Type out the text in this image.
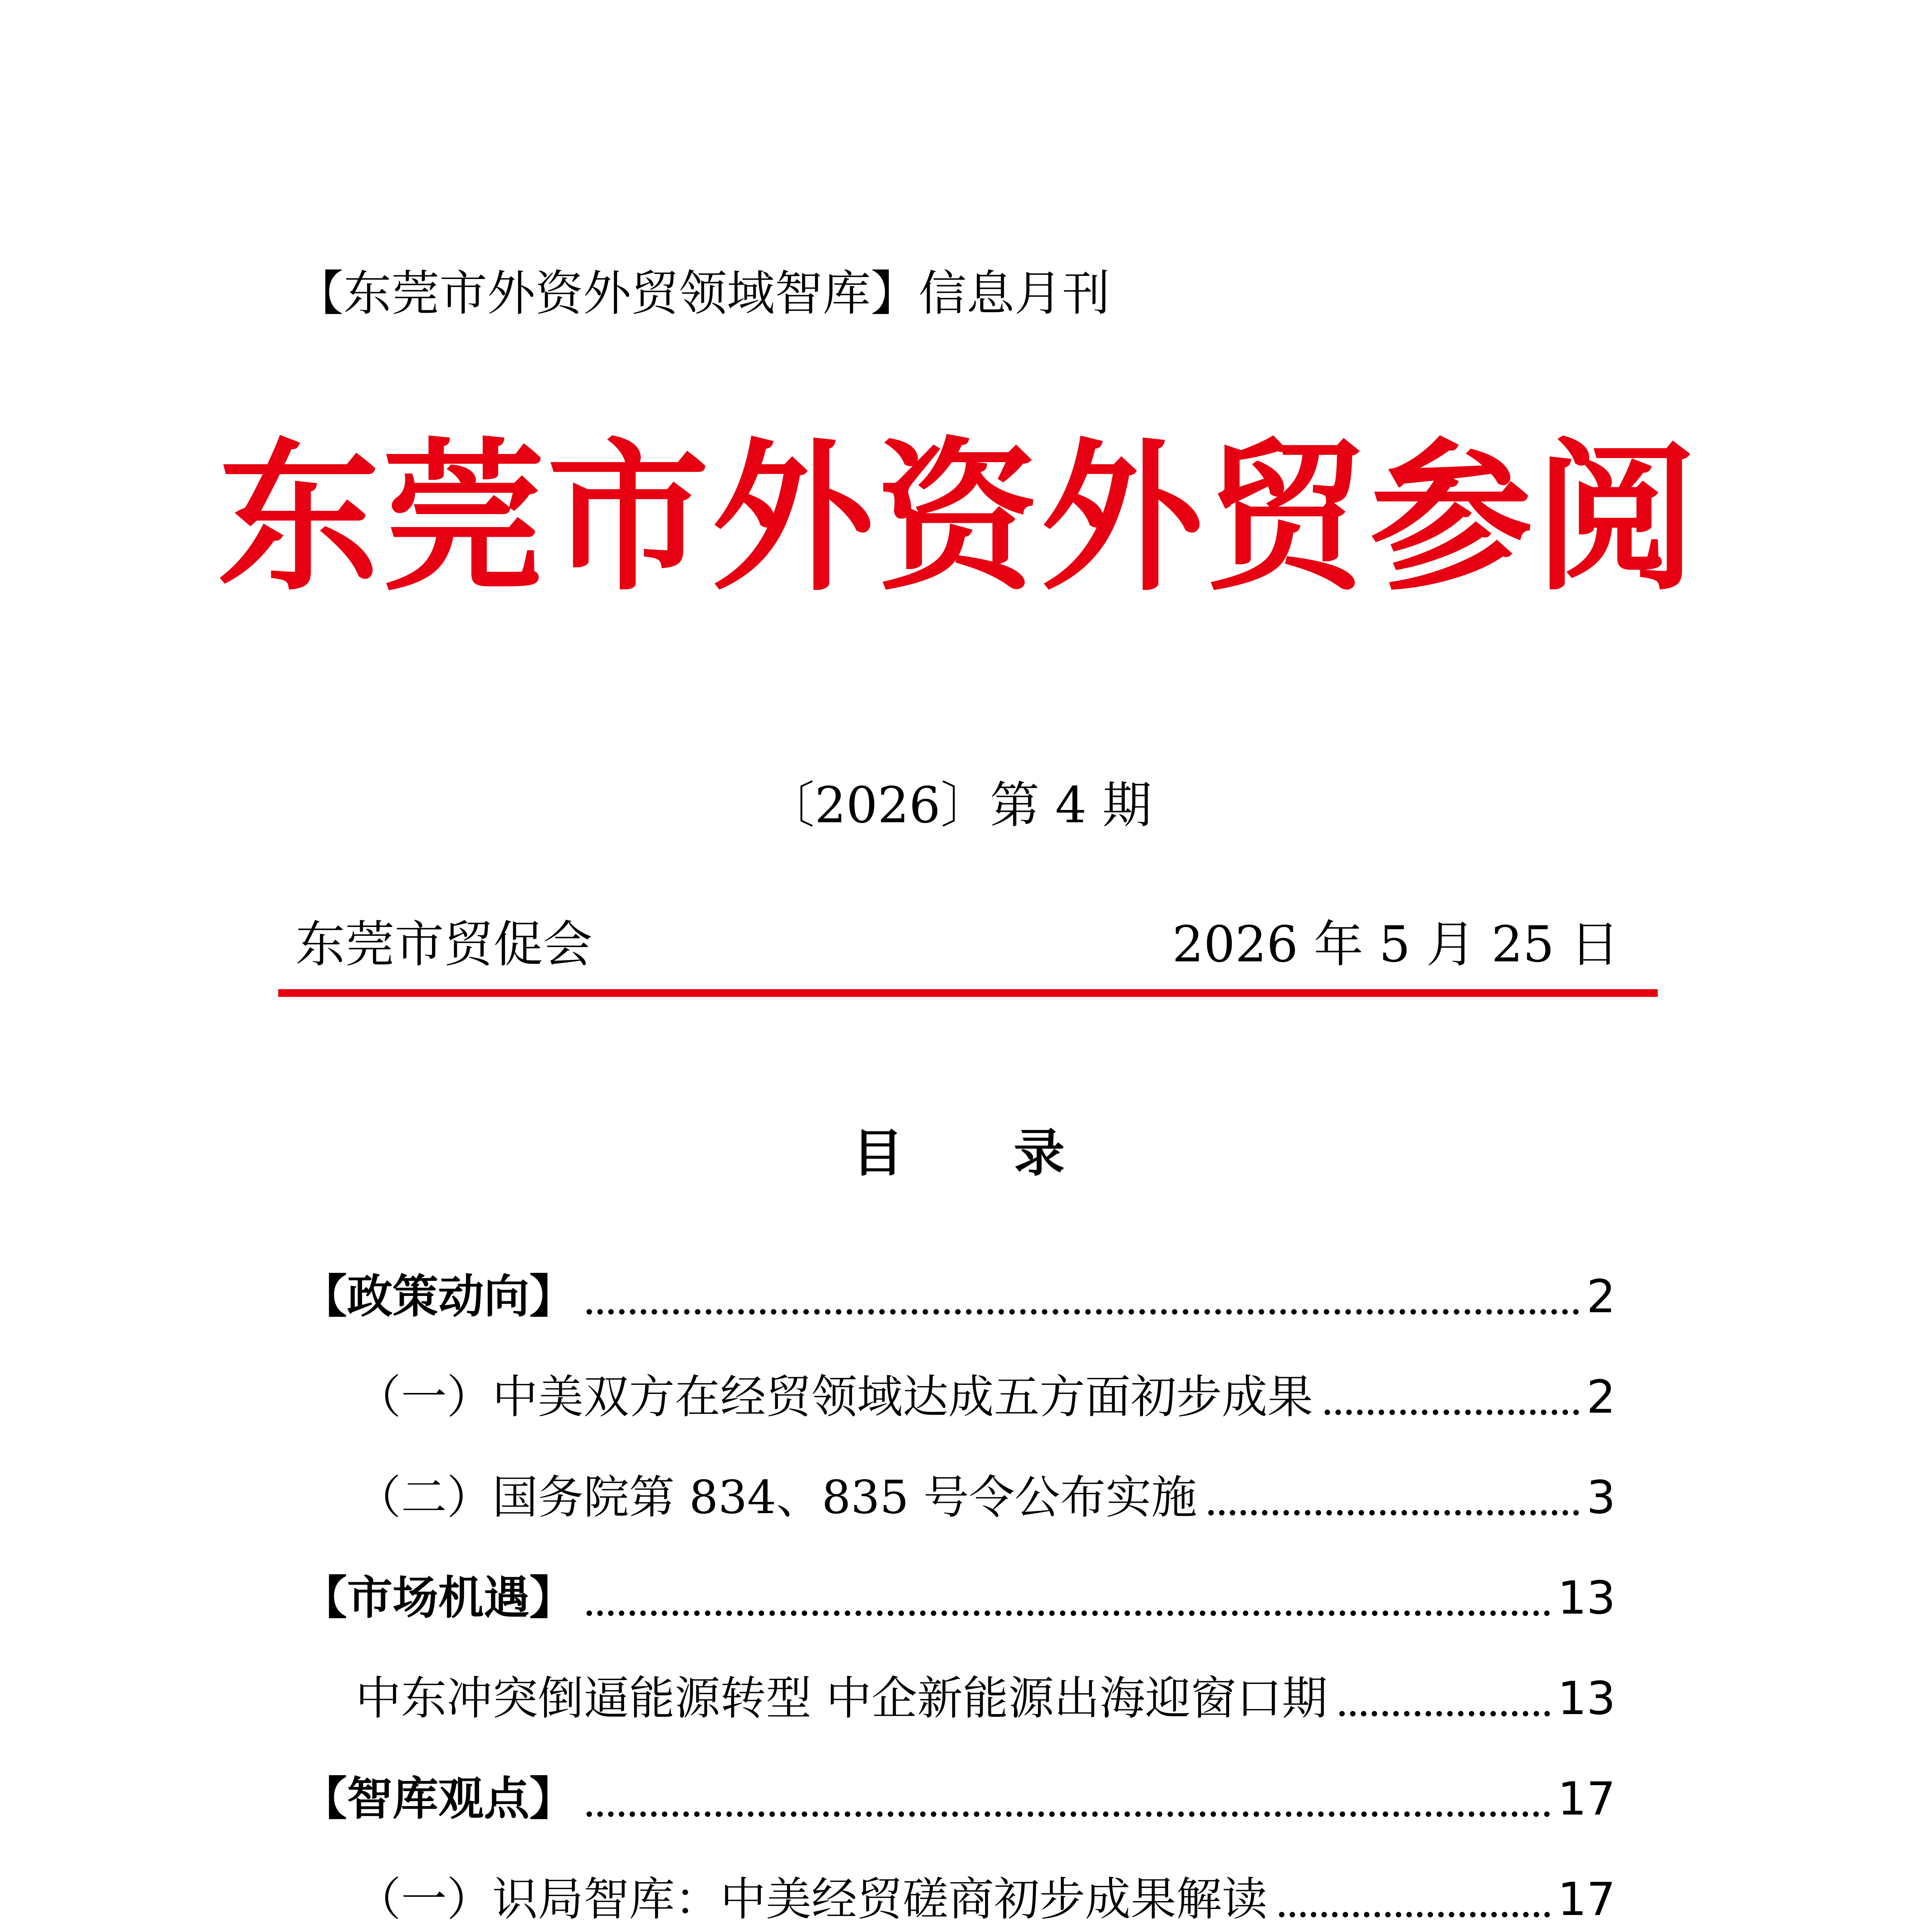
【东莞市外资外贸领域智库】信息月刊
东莞市外资外贸参阅
〔2026〕第 4 期
东莞市贸促会	2026 年 5 月 25 日
目 录
【政策动向】	2
（一）中美双方在经贸领域达成五方面初步成果	2
（二）国务院第 834、835 号令公布实施	3
【市场机遇】	13
中东冲突倒逼能源转型 中企新能源出海迎窗口期	13
【智库观点】	17
（一）识局智库：中美经贸磋商初步成果解读	17
